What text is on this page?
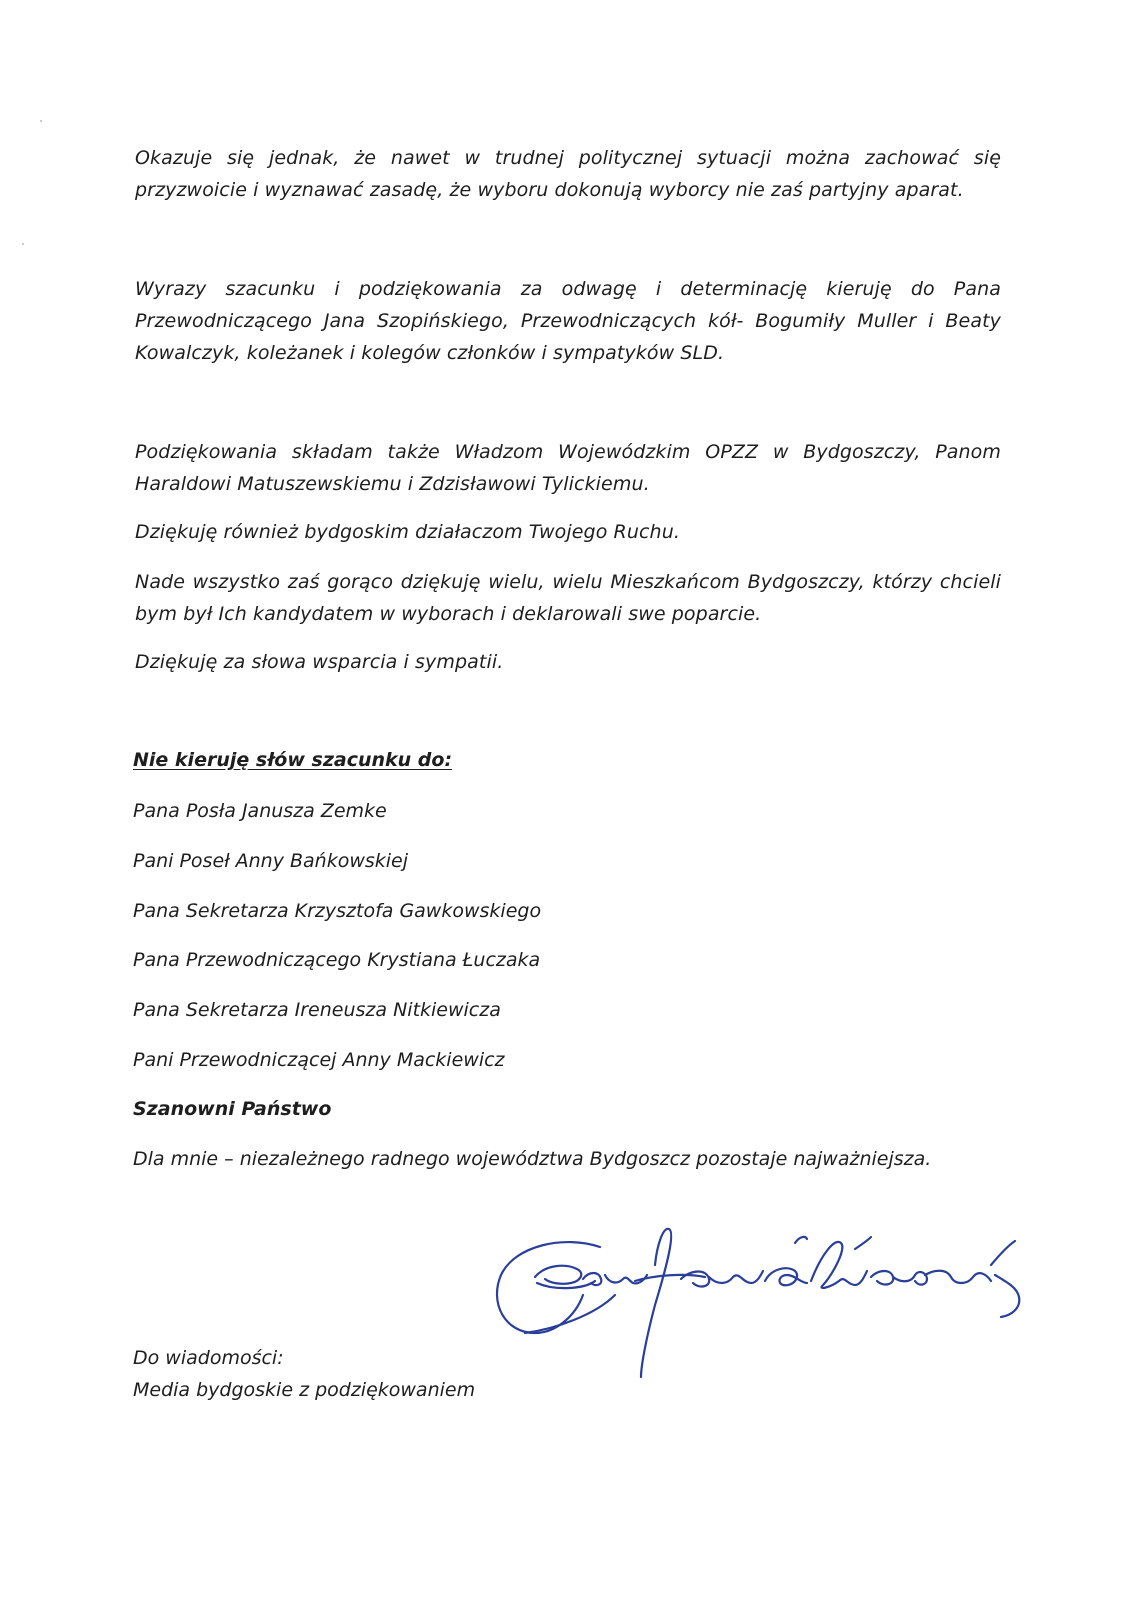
Okazuje się jednak, że nawet w trudnej politycznej sytuacji można zachować się przyzwoicie i wyznawać zasadę, że wyboru dokonują wyborcy nie zaś partyjny aparat.

Wyrazy szacunku i podziękowania za odwagę i determinację kieruję do Pana Przewodniczącego Jana Szopińskiego, Przewodniczących kół- Bogumiły Muller i Beaty Kowalczyk, koleżanek i kolegów członków i sympatyków SLD.

Podziękowania składam także Władzom Wojewódzkim OPZZ w Bydgoszczy, Panom Haraldowi Matuszewskiemu i Zdzisławowi Tylickiemu.

Dziękuję również bydgoskim działaczom Twojego Ruchu.

Nade wszystko zaś gorąco dziękuję wielu, wielu Mieszkańcom Bydgoszczy, którzy chcieli bym był Ich kandydatem w wyborach i deklarowali swe poparcie.

Dziękuję za słowa wsparcia i sympatii.

Nie kieruję słów szacunku do:

Pana Posła Janusza Zemke

Pani Poseł Anny Bańkowskiej

Pana Sekretarza Krzysztofa Gawkowskiego

Pana Przewodniczącego Krystiana Łuczaka

Pana Sekretarza Ireneusza Nitkiewicza

Pani Przewodniczącej Anny Mackiewicz

Szanowni Państwo

Dla mnie – niezależnego radnego województwa Bydgoszcz pozostaje najważniejsza.

Do wiadomości:

Media bydgoskie z podziękowaniem
